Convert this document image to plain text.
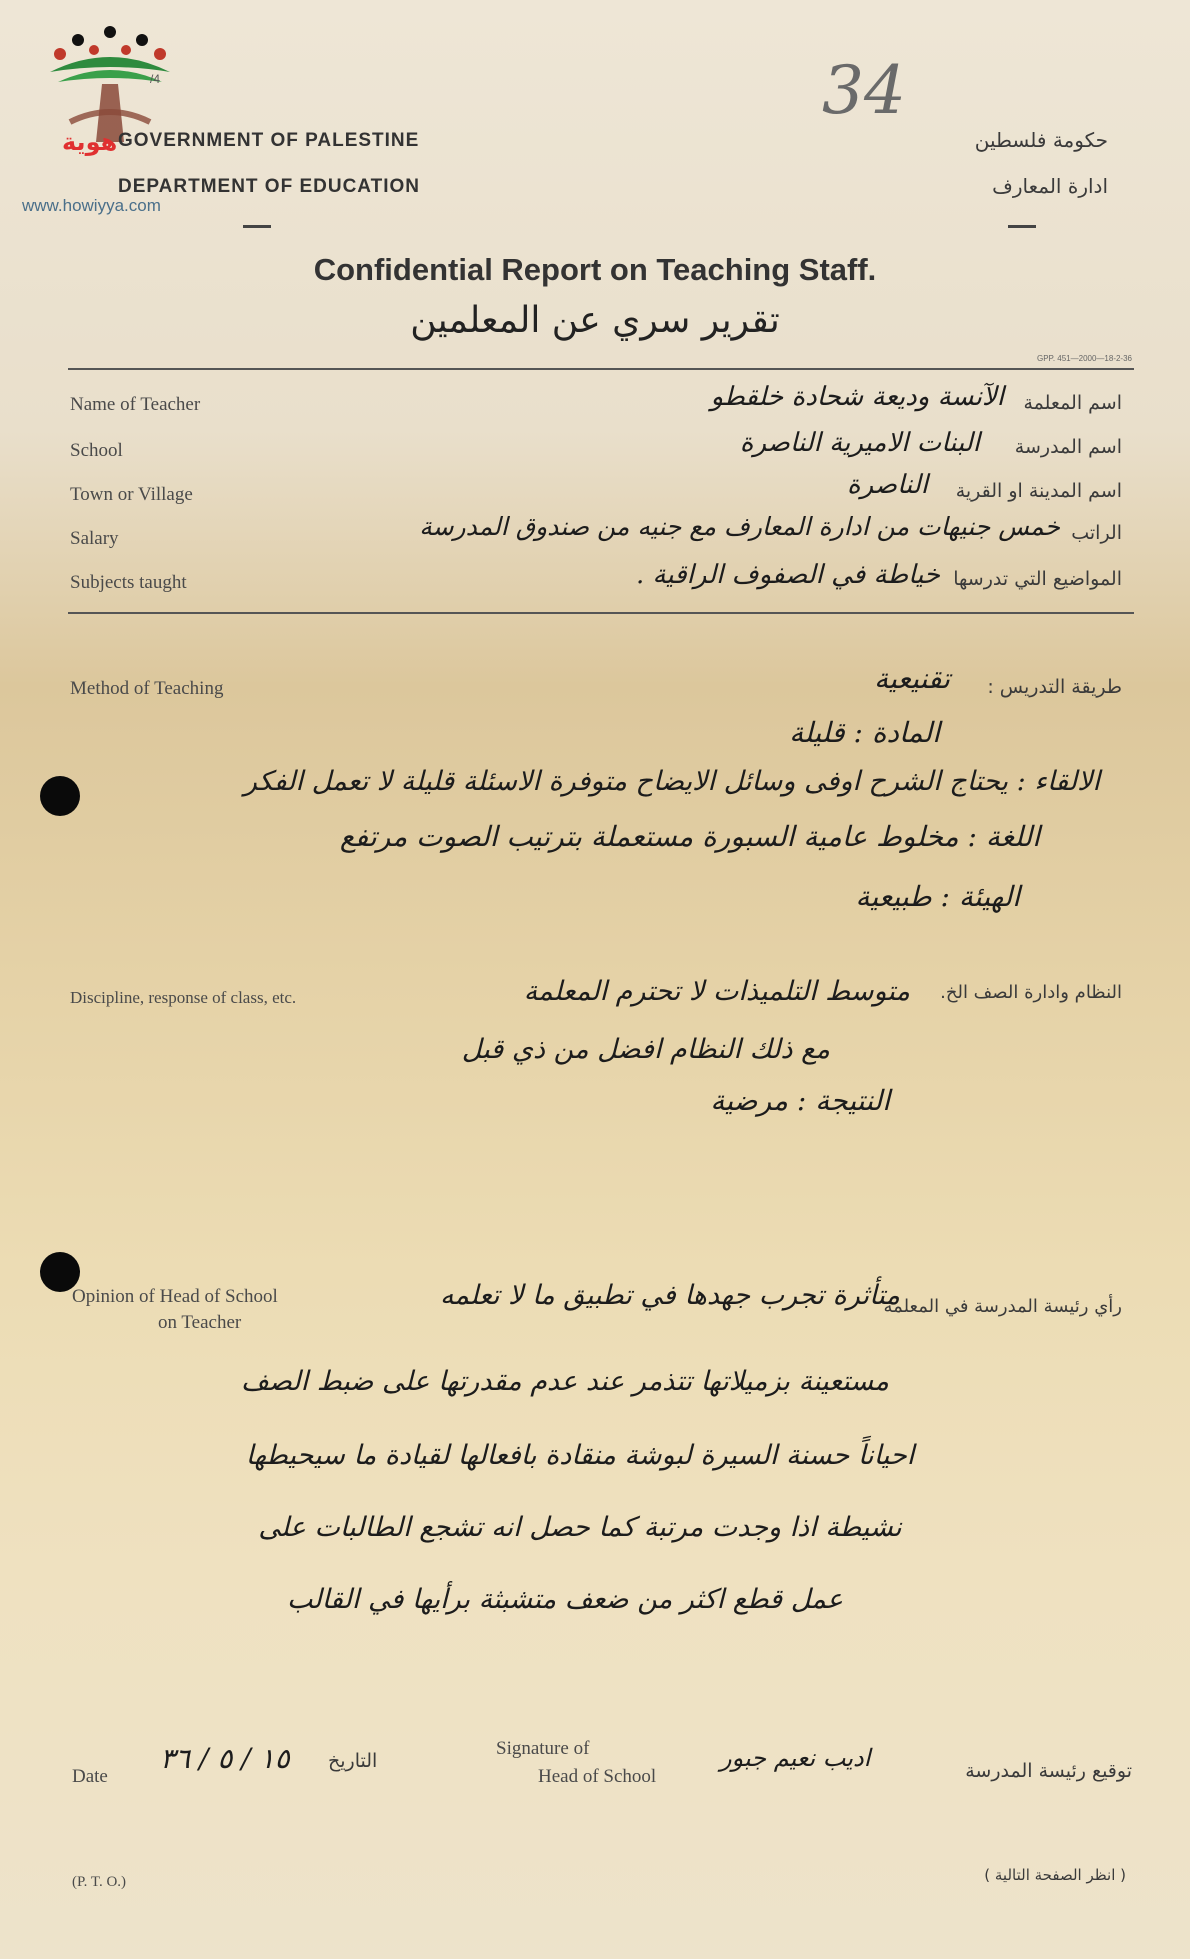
هوية
www.howiyya.com
/4	34
GOVERNMENT OF PALESTINE
DEPARTMENT OF EDUCATION
حكومة فلسطين
ادارة المعارف
Confidential Report on Teaching Staff.
تقرير سري عن المعلمين
GPP. 451—2000—18-2-36
Name of Teacher	اسم المعلمة
الآنسة وديعة شحادة خلقطو
School	اسم المدرسة
البنات الاميرية الناصرة
Town or Village	اسم المدينة او القرية
الناصرة
Salary	الراتب
خمس جنيهات من ادارة المعارف مع جنيه من صندوق المدرسة
Subjects taught	المواضيع التي تدرسها
خياطة في الصفوف الراقية .
Method of Teaching	طريقة التدريس :
تقنيعية
المادة : قليلة
الالقاء : يحتاج الشرح اوفى وسائل الايضاح متوفرة الاسئلة قليلة لا تعمل الفكر
اللغة : مخلوط عامية السبورة مستعملة بترتيب الصوت مرتفع
الهيئة : طبيعية
Discipline, response of class, etc.	النظام وادارة الصف الخ.
متوسط التلميذات لا تحترم المعلمة
مع ذلك النظام افضل من ذي قبل
النتيجة : مرضية
Opinion of Head of School
on Teacher
رأي رئيسة المدرسة في المعلمة
متأثرة تجرب جهدها في تطبيق ما لا تعلمه
مستعينة بزميلاتها تتذمر عند عدم مقدرتها على ضبط الصف
احياناً حسنة السيرة لبوشة منقادة بافعالها لقيادة ما سيحيطها
نشيطة اذا وجدت مرتبة كما حصل انه تشجع الطالبات على
عمل قطع اكثر من ضعف متشبثة برأيها في القالب
Date
١٥ / ٥ / ٣٦ التاريخ
Signature of
Head of School
اديب نعيم جبور	توقيع رئيسة المدرسة
(P. T. O.)	( انظر الصفحة التالية )
